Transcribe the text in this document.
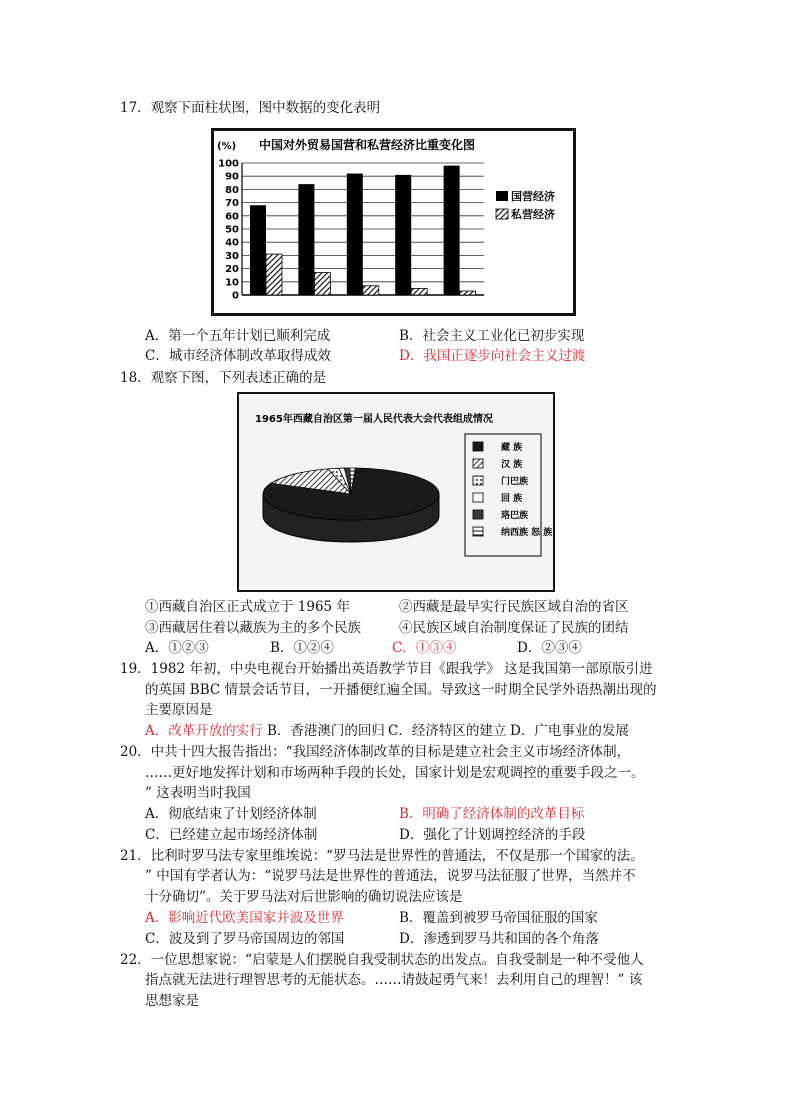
17．观察下面柱状图，图中数据的变化表明
(%) 中国对外贸易国营和私营经济比重变化图
100
90
80
70
60
50
40
30
20
10
0
国营经济
私营经济
A．第一个五年计划已顺利完成	B．社会主义工业化已初步实现
C．城市经济体制改革取得成效	D．我国正逐步向社会主义过渡
18．观察下图，下列表述正确的是
1965年西藏自治区第一届人民代表大会代表组成情况
藏 族
汉 族
门巴族
回 族
珞巴族
纳西族 怒 族
①西藏自治区正式成立于 1965 年	②西藏是最早实行民族区域自治的省区
③西藏居住着以藏族为主的多个民族	④民族区域自治制度保证了民族的团结
A．①②③	B．①②④	C．①③④	D．②③④
19．1982 年初，中央电视台开始播出英语教学节目《跟我学》 这是我国第一部原版引进
的英国 BBC 情景会话节目，一开播便红遍全国。导致这一时期全民学外语热潮出现的
主要原因是
A．改革开放的实行 B．香港澳门的回归 C．经济特区的建立 D．广电事业的发展
20．中共十四大报告指出：“我国经济体制改革的目标是建立社会主义市场经济体制，
……更好地发挥计划和市场两种手段的长处，国家计划是宏观调控的重要手段之一。
” 这表明当时我国
A．彻底结束了计划经济体制	B．明确了经济体制的改革目标
C．已经建立起市场经济体制	D．强化了计划调控经济的手段
21．比利时罗马法专家里维埃说：“罗马法是世界性的普通法，不仅是那一个国家的法。
” 中国有学者认为：“说罗马法是世界性的普通法，说罗马法征服了世界，当然并不
十分确切”。关于罗马法对后世影响的确切说法应该是
A．影响近代欧美国家并波及世界	B．覆盖到被罗马帝国征服的国家
C．波及到了罗马帝国周边的邻国	D．渗透到罗马共和国的各个角落
22．一位思想家说：“启蒙是人们摆脱自我受制状态的出发点。自我受制是一种不受他人
指点就无法进行理智思考的无能状态。……请鼓起勇气来！去利用自己的理智！” 该
思想家是
